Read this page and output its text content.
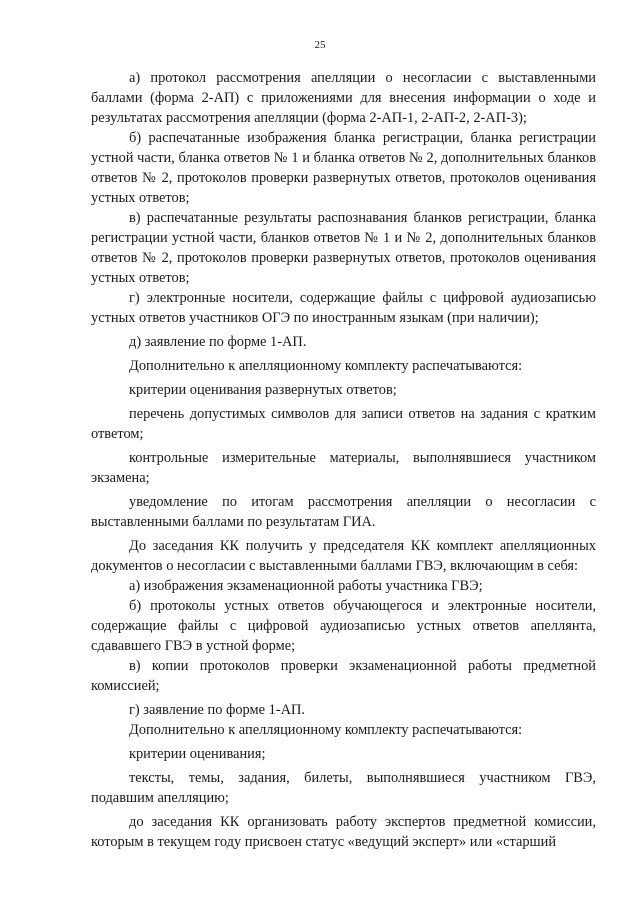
25

а) протокол рассмотрения апелляции о несогласии с выставленными баллами (форма 2-АП) с приложениями для внесения информации о ходе и результатах рассмотрения апелляции (форма 2-АП-1, 2-АП-2, 2-АП-3);

б) распечатанные изображения бланка регистрации, бланка регистрации устной части, бланка ответов № 1 и бланка ответов № 2, дополнительных бланков ответов № 2, протоколов проверки развернутых ответов, протоколов оценивания устных ответов;

в) распечатанные результаты распознавания бланков регистрации, бланка регистрации устной части, бланков ответов № 1 и № 2, дополнительных бланков ответов № 2, протоколов проверки развернутых ответов, протоколов оценивания устных ответов;

г) электронные носители, содержащие файлы с цифровой аудиозаписью устных ответов участников ОГЭ по иностранным языкам (при наличии);

д) заявление по форме 1-АП.

Дополнительно к апелляционному комплекту распечатываются:

критерии оценивания развернутых ответов;

перечень допустимых символов для записи ответов на задания с кратким ответом;

контрольные измерительные материалы, выполнявшиеся участником экзамена;

уведомление по итогам рассмотрения апелляции о несогласии с выставленными баллами по результатам ГИА.

До заседания КК получить у председателя КК комплект апелляционных документов о несогласии с выставленными баллами ГВЭ, включающим в себя:

а) изображения экзаменационной работы участника ГВЭ;

б) протоколы устных ответов обучающегося и электронные носители, содержащие файлы с цифровой аудиозаписью устных ответов апеллянта, сдававшего ГВЭ в устной форме;

в) копии протоколов проверки экзаменационной работы предметной комиссией;

г) заявление по форме 1-АП.

Дополнительно к апелляционному комплекту распечатываются:

критерии оценивания;

тексты, темы, задания, билеты, выполнявшиеся участником ГВЭ, подавшим апелляцию;

до заседания КК организовать работу экспертов предметной комиссии, которым в текущем году присвоен статус «ведущий эксперт» или «старший
